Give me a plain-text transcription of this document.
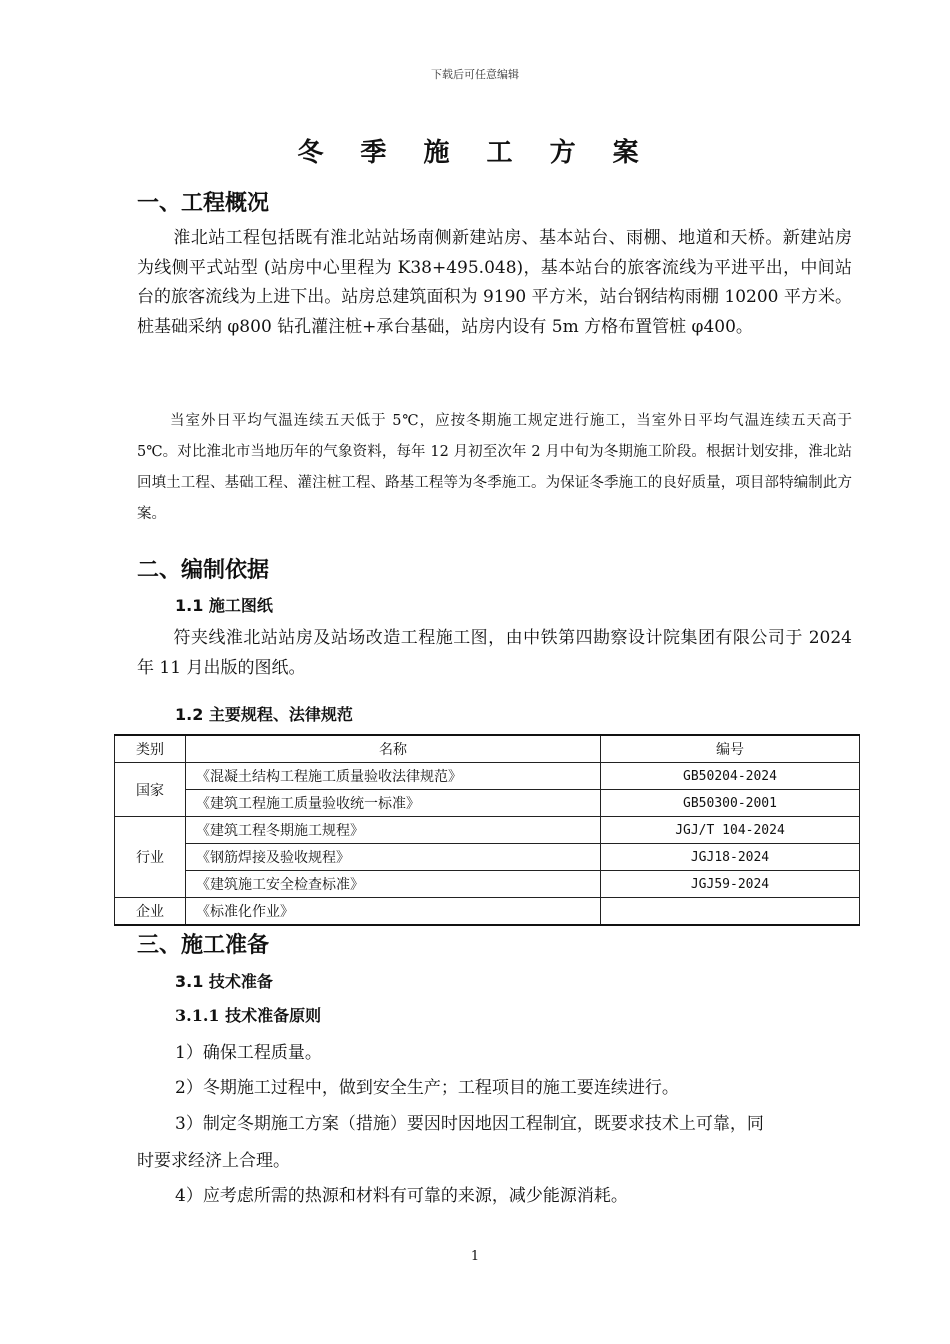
下载后可任意编辑
冬 季 施 工 方 案
一、工程概况
淮北站工程包括既有淮北站站场南侧新建站房、基本站台、雨棚、地道和天桥。新建站房为线侧平式站型 (站房中心里程为 K38+495.048)，基本站台的旅客流线为平进平出，中间站台的旅客流线为上进下出。站房总建筑面积为 9190 平方米，站台钢结构雨棚 10200 平方米。桩基础采纳 φ800 钻孔灌注桩+承台基础，站房内设有 5m 方格布置管桩 φ400。
当室外日平均气温连续五天低于 5℃，应按冬期施工规定进行施工，当室外日平均气温连续五天高于 5℃。对比淮北市当地历年的气象资料，每年 12 月初至次年 2 月中旬为冬期施工阶段。根据计划安排，淮北站回填土工程、基础工程、灌注桩工程、路基工程等为冬季施工。为保证冬季施工的良好质量，项目部特编制此方案。
二、编制依据
1.1 施工图纸
符夹线淮北站站房及站场改造工程施工图，由中铁第四勘察设计院集团有限公司于 2024 年 11 月出版的图纸。
1.2 主要规程、法律规范
类别	名称	编号
国家	《混凝土结构工程施工质量验收法律规范》	GB50204-2024
	《建筑工程施工质量验收统一标准》	GB50300-2001
行业	《建筑工程冬期施工规程》	JGJ/T 104-2024
	《钢筋焊接及验收规程》	JGJ18-2024
	《建筑施工安全检查标准》	JGJ59-2024
企业	《标准化作业》	
三、施工准备
3.1 技术准备
3.1.1 技术准备原则
1）确保工程质量。
2）冬期施工过程中，做到安全生产；工程项目的施工要连续进行。
3）制定冬期施工方案（措施）要因时因地因工程制宜，既要求技术上可靠，同
时要求经济上合理。
4）应考虑所需的热源和材料有可靠的来源，减少能源消耗。
1
